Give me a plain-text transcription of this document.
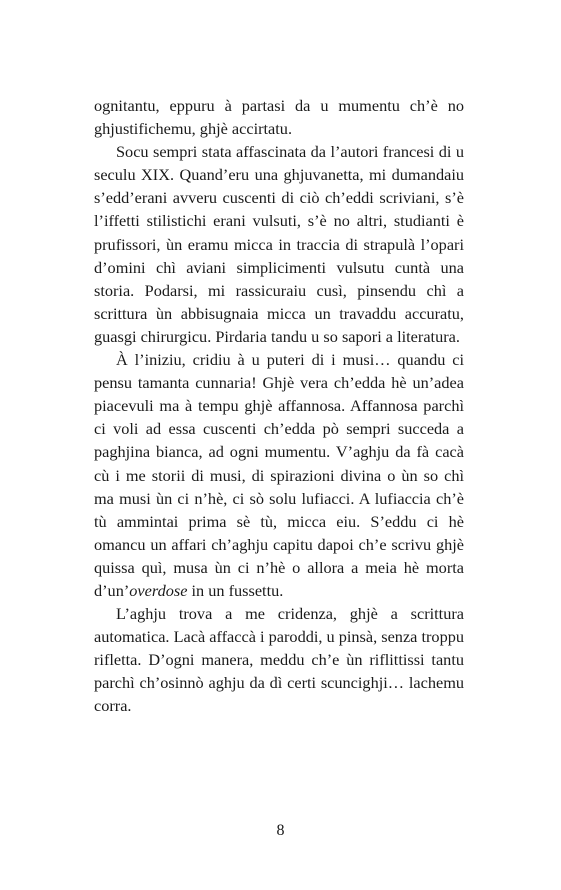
ognitantu, eppuru à partasi da u mumentu ch’è no ghjustifichemu, ghjè accirtatu.

Socu sempri stata affascinata da l’autori francesi di u seculu XIX. Quand’eru una ghjuvanetta, mi dumandaiu s’edd’erani avveru cuscenti di ciò ch’eddi scriviani, s’è l’iffetti stilistichi erani vulsuti, s’è no altri, studianti è prufissori, ùn eramu micca in traccia di strapulà l’opari d’omini chì aviani simplicimenti vulsutu cuntà una storia. Podarsi, mi rassicuraiu cusì, pinsendu chì a scrittura ùn abbisugnaia micca un travaddu accuratu, guasgi chirurgicu. Pirdaria tandu u so sapori a literatura.

À l’iniziu, cridiu à u puteri di i musi… quandu ci pensu tamanta cunnaria! Ghjè vera ch’edda hè un’adea piacevuli ma à tempu ghjè affannosa. Affannosa parchì ci voli ad essa cuscenti ch’edda pò sempri succeda a paghjina bianca, ad ogni mumentu. V’aghju da fà cacà cù i me storii di musi, di spirazioni divina o ùn so chì ma musi ùn ci n’hè, ci sò solu lufiacci. A lufiaccia ch’è tù ammintai prima sè tù, micca eiu. S’eddu ci hè omancu un affari ch’aghju capitu dapoi ch’e scrivu ghjè quissa quì, musa ùn ci n’hè o allora a meia hè morta d’un’overdose in un fussettu.

L’aghju trova a me cridenza, ghjè a scrittura automatica. Lacà affaccà i paroddi, u pinsà, senza troppu rifletta. D’ogni manera, meddu ch’e ùn riflittissi tantu parchì ch’osinnò aghju da dì certi scuncighji… lachemu corra.

8
